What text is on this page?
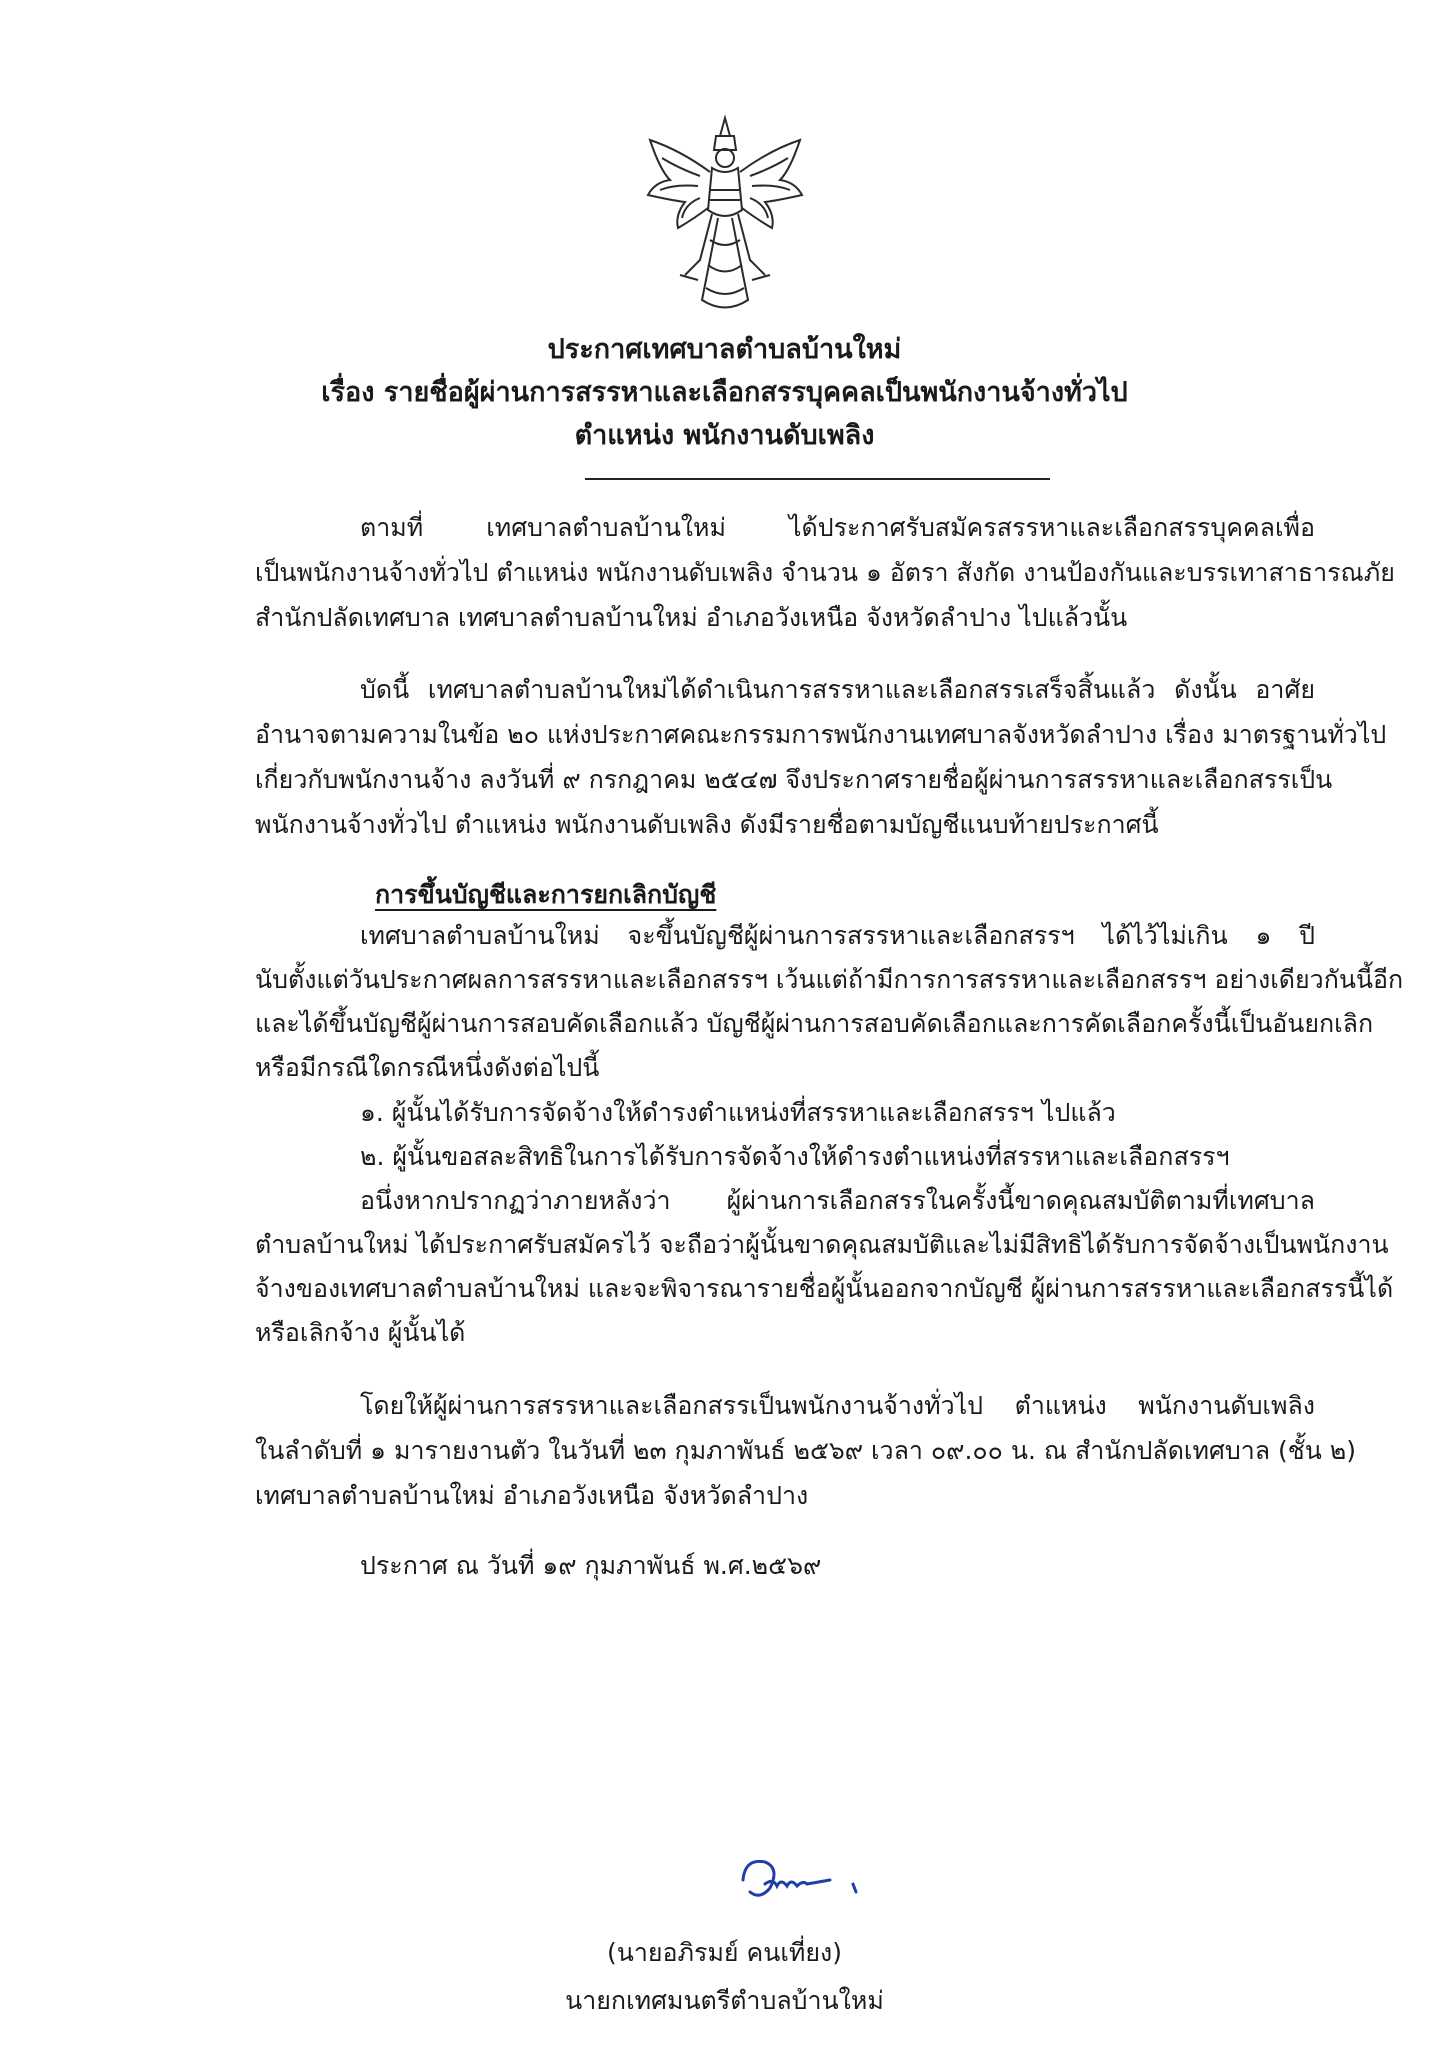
ประกาศเทศบาลตำบลบ้านใหม่
เรื่อง รายชื่อผู้ผ่านการสรรหาและเลือกสรรบุคคลเป็นพนักงานจ้างทั่วไป
ตำแหน่ง พนักงานดับเพลิง
ตามที่ เทศบาลตำบลบ้านใหม่ ได้ประกาศรับสมัครสรรหาและเลือกสรรบุคคลเพื่อ
เป็นพนักงานจ้างทั่วไป ตำแหน่ง พนักงานดับเพลิง จำนวน ๑ อัตรา สังกัด งานป้องกันและบรรเทาสาธารณภัย
สำนักปลัดเทศบาล เทศบาลตำบลบ้านใหม่ อำเภอวังเหนือ จังหวัดลำปาง ไปแล้วนั้น
บัดนี้ เทศบาลตำบลบ้านใหม่ได้ดำเนินการสรรหาและเลือกสรรเสร็จสิ้นแล้ว ดังนั้น อาศัย
อำนาจตามความในข้อ ๒๐ แห่งประกาศคณะกรรมการพนักงานเทศบาลจังหวัดลำปาง เรื่อง มาตรฐานทั่วไป
เกี่ยวกับพนักงานจ้าง ลงวันที่ ๙ กรกฎาคม ๒๕๔๗ จึงประกาศรายชื่อผู้ผ่านการสรรหาและเลือกสรรเป็น
พนักงานจ้างทั่วไป ตำแหน่ง พนักงานดับเพลิง ดังมีรายชื่อตามบัญชีแนบท้ายประกาศนี้
การขึ้นบัญชีและการยกเลิกบัญชี
เทศบาลตำบลบ้านใหม่ จะขึ้นบัญชีผู้ผ่านการสรรหาและเลือกสรรฯ ได้ไว้ไม่เกิน ๑ ปี
นับตั้งแต่วันประกาศผลการสรรหาและเลือกสรรฯ เว้นแต่ถ้ามีการการสรรหาและเลือกสรรฯ อย่างเดียวกันนี้อีก
และได้ขึ้นบัญชีผู้ผ่านการสอบคัดเลือกแล้ว บัญชีผู้ผ่านการสอบคัดเลือกและการคัดเลือกครั้งนี้เป็นอันยกเลิก
หรือมีกรณีใดกรณีหนึ่งดังต่อไปนี้
๑. ผู้นั้นได้รับการจัดจ้างให้ดำรงตำแหน่งที่สรรหาและเลือกสรรฯ ไปแล้ว
๒. ผู้นั้นขอสละสิทธิในการได้รับการจัดจ้างให้ดำรงตำแหน่งที่สรรหาและเลือกสรรฯ
อนึ่งหากปรากฏว่าภายหลังว่า ผู้ผ่านการเลือกสรรในครั้งนี้ขาดคุณสมบัติตามที่เทศบาล
ตำบลบ้านใหม่ ได้ประกาศรับสมัครไว้ จะถือว่าผู้นั้นขาดคุณสมบัติและไม่มีสิทธิได้รับการจัดจ้างเป็นพนักงาน
จ้างของเทศบาลตำบลบ้านใหม่ และจะพิจารณารายชื่อผู้นั้นออกจากบัญชี ผู้ผ่านการสรรหาและเลือกสรรนี้ได้
หรือเลิกจ้าง ผู้นั้นได้
โดยให้ผู้ผ่านการสรรหาและเลือกสรรเป็นพนักงานจ้างทั่วไป ตำแหน่ง พนักงานดับเพลิง
ในลำดับที่ ๑ มารายงานตัว ในวันที่ ๒๓ กุมภาพันธ์ ๒๕๖๙ เวลา ๐๙.๐๐ น. ณ สำนักปลัดเทศบาล (ชั้น ๒)
เทศบาลตำบลบ้านใหม่ อำเภอวังเหนือ จังหวัดลำปาง
ประกาศ ณ วันที่ ๑๙ กุมภาพันธ์ พ.ศ.๒๕๖๙
(นายอภิรมย์ คนเที่ยง)
นายกเทศมนตรีตำบลบ้านใหม่
